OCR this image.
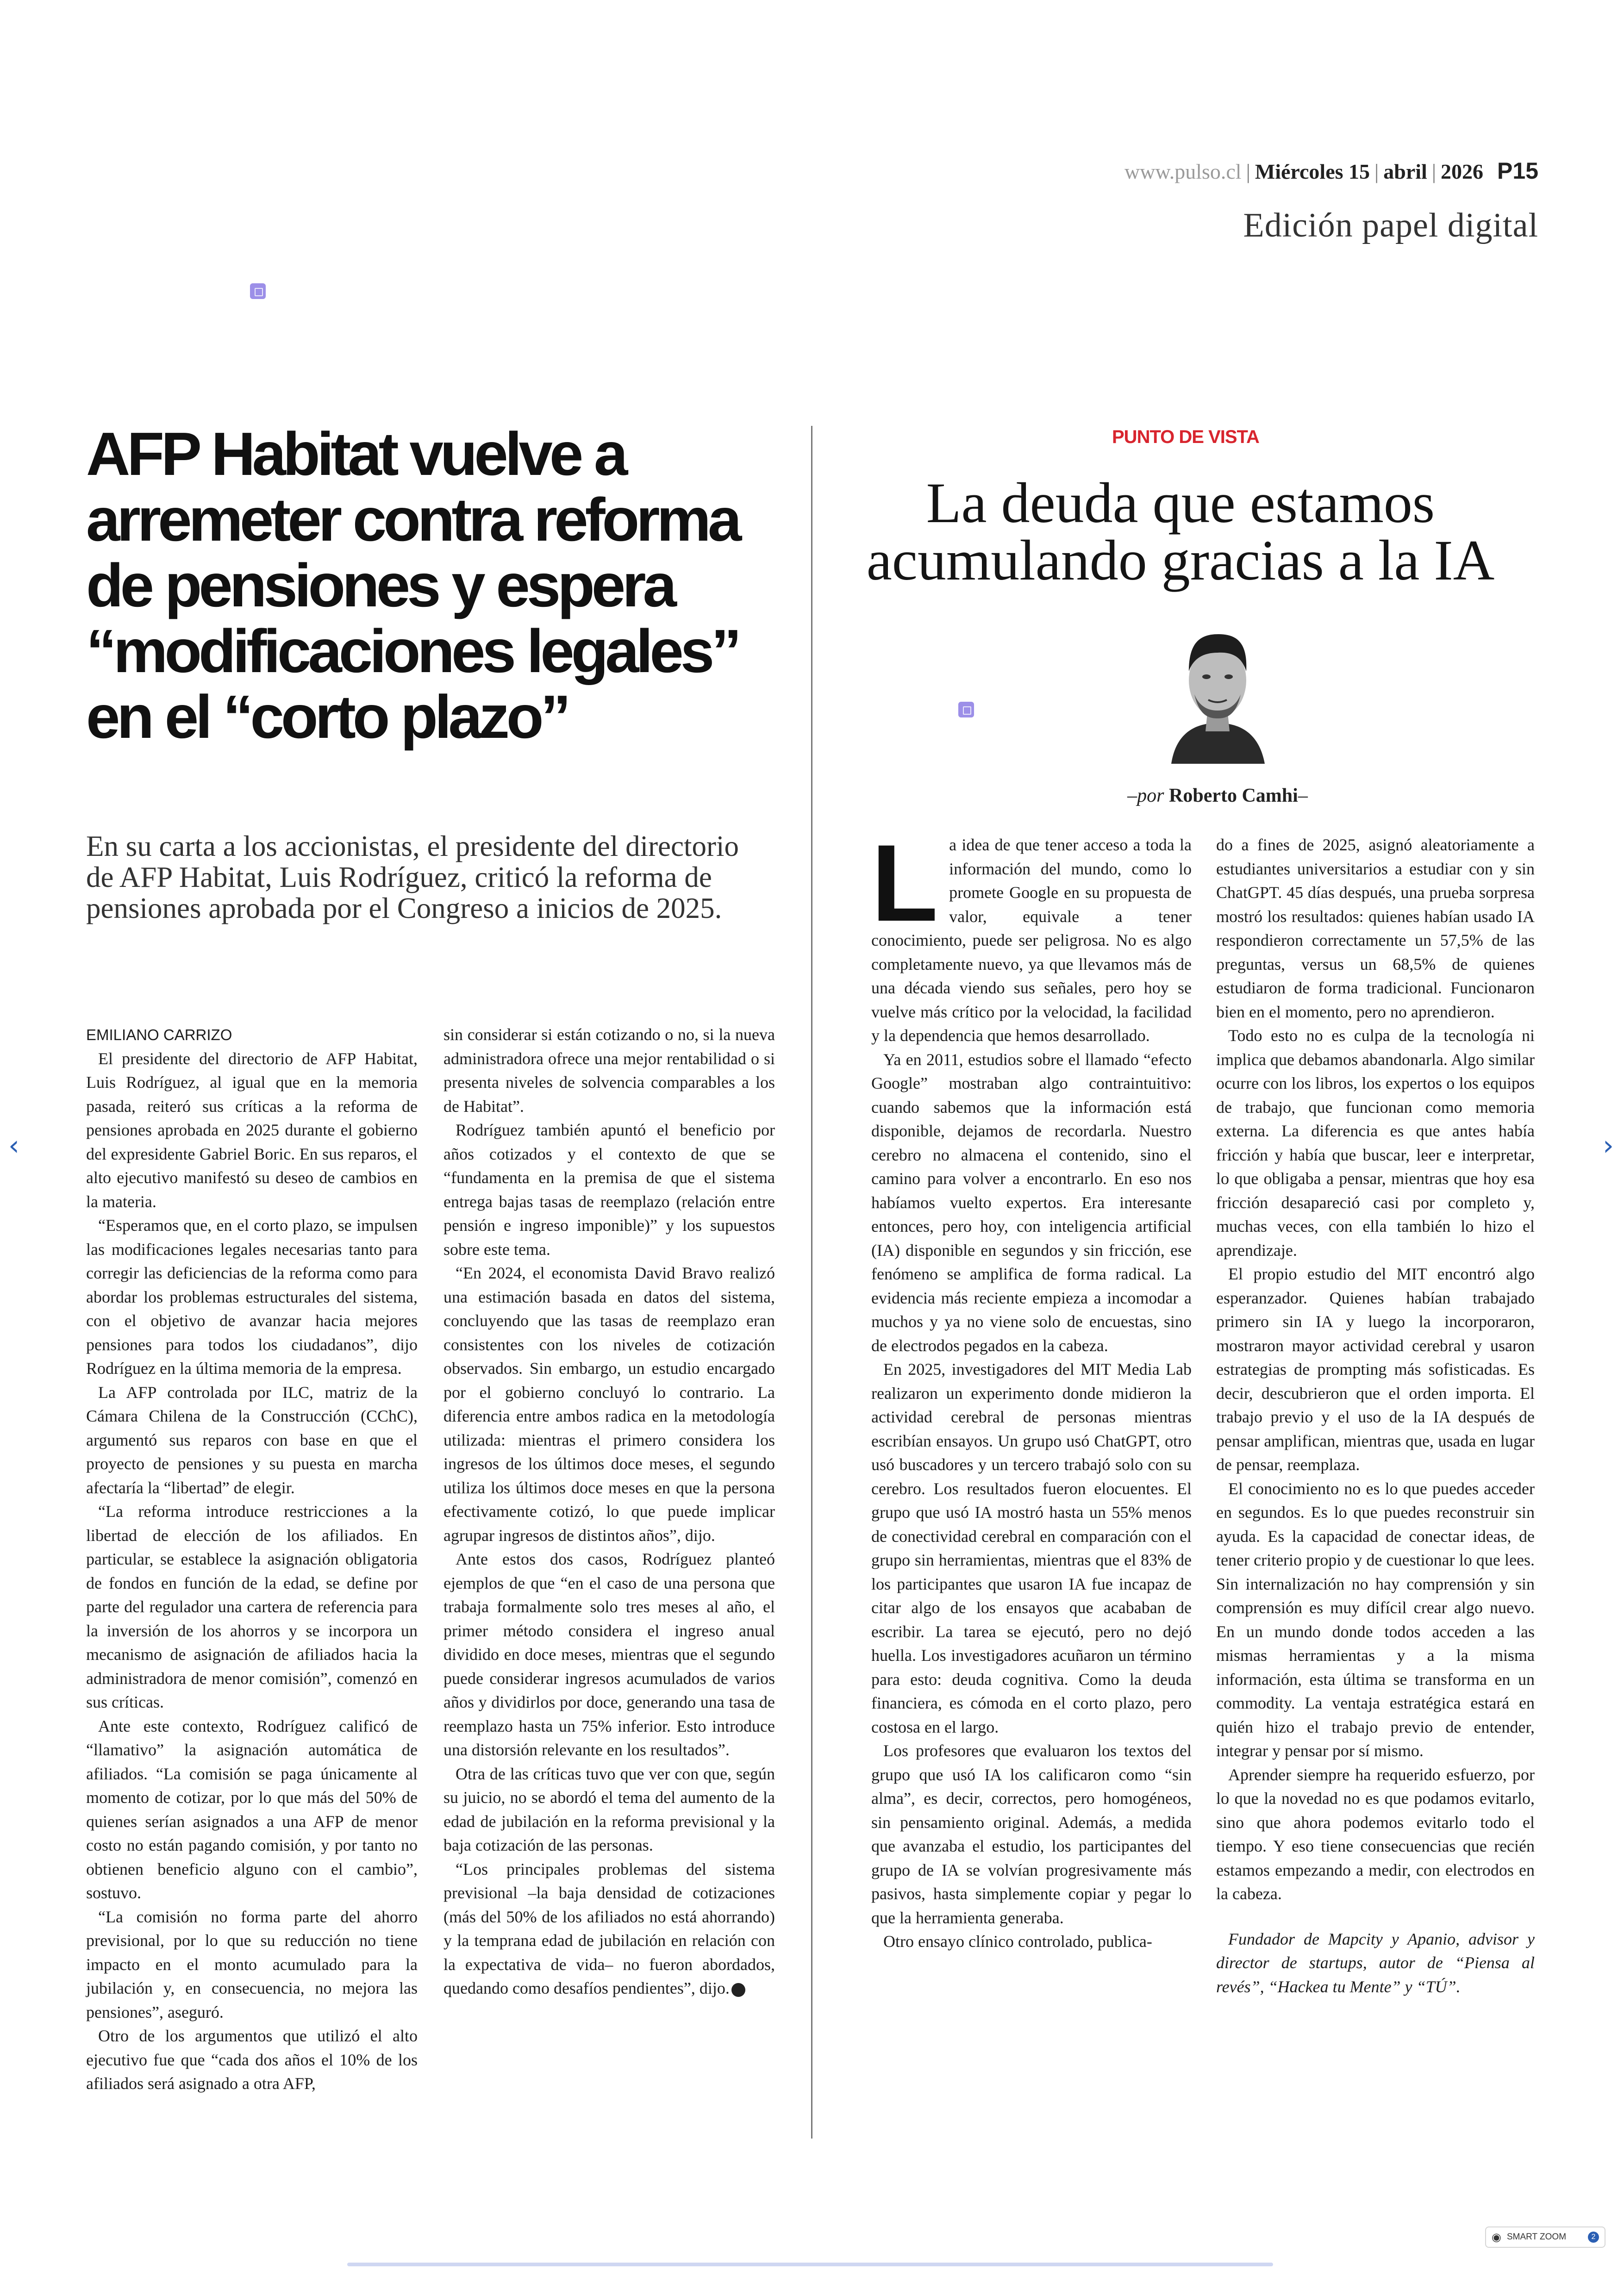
www.pulso.cl | Miércoles 15 | abril | 2026 P15
Edición papel digital
AFP Habitat vuelve a arremeter contra reforma de pensiones y espera “modificaciones legales” en el “corto plazo”
En su carta a los accionistas, el presidente del directorio de AFP Habitat, Luis Rodríguez, criticó la reforma de pensiones aprobada por el Congreso a inicios de 2025.

EMILIANO CARRIZO

El presidente del directorio de AFP Habitat, Luis Rodríguez, al igual que en la memoria pasada, reiteró sus críticas a la reforma de pensiones aprobada en 2025 durante el gobierno del expresidente Gabriel Boric. En sus reparos, el alto ejecutivo manifestó su deseo de cambios en la materia.

“Esperamos que, en el corto plazo, se impulsen las modificaciones legales necesarias tanto para corregir las deficiencias de la reforma como para abordar los problemas estructurales del sistema, con el objetivo de avanzar hacia mejores pensiones para todos los ciudadanos”, dijo Rodríguez en la última memoria de la empresa.

La AFP controlada por ILC, matriz de la Cámara Chilena de la Construcción (CChC), argumentó sus reparos con base en que el proyecto de pensiones y su puesta en marcha afectaría la “libertad” de elegir.

“La reforma introduce restricciones a la libertad de elección de los afiliados. En particular, se establece la asignación obligatoria de fondos en función de la edad, se define por parte del regulador una cartera de referencia para la inversión de los ahorros y se incorpora un mecanismo de asignación de afiliados hacia la administradora de menor comisión”, comenzó en sus críticas.

Ante este contexto, Rodríguez calificó de “llamativo” la asignación automática de afiliados. “La comisión se paga únicamente al momento de cotizar, por lo que más del 50% de quienes serían asignados a una AFP de menor costo no están pagando comisión, y por tanto no obtienen beneficio alguno con el cambio”, sostuvo.

“La comisión no forma parte del ahorro previsional, por lo que su reducción no tiene impacto en el monto acumulado para la jubilación y, en consecuencia, no mejora las pensiones”, aseguró.

Otro de los argumentos que utilizó el alto ejecutivo fue que “cada dos años el 10% de los afiliados será asignado a otra AFP,

sin considerar si están cotizando o no, si la nueva administradora ofrece una mejor rentabilidad o si presenta niveles de solvencia comparables a los de Habitat”.

Rodríguez también apuntó el beneficio por años cotizados y el contexto de que se “fundamenta en la premisa de que el sistema entrega bajas tasas de reemplazo (relación entre pensión e ingreso imponible)” y los supuestos sobre este tema.

“En 2024, el economista David Bravo realizó una estimación basada en datos del sistema, concluyendo que las tasas de reemplazo eran consistentes con los niveles de cotización observados. Sin embargo, un estudio encargado por el gobierno concluyó lo contrario. La diferencia entre ambos radica en la metodología utilizada: mientras el primero considera los ingresos de los últimos doce meses, el segundo utiliza los últimos doce meses en que la persona efectivamente cotizó, lo que puede implicar agrupar ingresos de distintos años”, dijo.

Ante estos dos casos, Rodríguez planteó ejemplos de que “en el caso de una persona que trabaja formalmente solo tres meses al año, el primer método considera el ingreso anual dividido en doce meses, mientras que el segundo puede considerar ingresos acumulados de varios años y dividirlos por doce, generando una tasa de reemplazo hasta un 75% inferior. Esto introduce una distorsión relevante en los resultados”.

Otra de las críticas tuvo que ver con que, según su juicio, no se abordó el tema del aumento de la edad de jubilación en la reforma previsional y la baja cotización de las personas.

“Los principales problemas del sistema previsional –la baja densidad de cotizaciones (más del 50% de los afiliados no está ahorrando) y la temprana edad de jubilación en relación con la expectativa de vida– no fueron abordados, quedando como desafíos pendientes”, dijo.

PUNTO DE VISTA
La deuda que estamos acumulando gracias a la IA
–por Roberto Camhi–

La idea de que tener acceso a toda la información del mundo, como lo promete Google en su propuesta de valor, equivale a tener conocimiento, puede ser peligrosa. No es algo completamente nuevo, ya que llevamos más de una década viendo sus señales, pero hoy se vuelve más crítico por la velocidad, la facilidad y la dependencia que hemos desarrollado.

Ya en 2011, estudios sobre el llamado “efecto Google” mostraban algo contraintuitivo: cuando sabemos que la información está disponible, dejamos de recordarla. Nuestro cerebro no almacena el contenido, sino el camino para volver a encontrarlo. En eso nos habíamos vuelto expertos. Era interesante entonces, pero hoy, con inteligencia artificial (IA) disponible en segundos y sin fricción, ese fenómeno se amplifica de forma radical. La evidencia más reciente empieza a incomodar a muchos y ya no viene solo de encuestas, sino de electrodos pegados en la cabeza.

En 2025, investigadores del MIT Media Lab realizaron un experimento donde midieron la actividad cerebral de personas mientras escribían ensayos. Un grupo usó ChatGPT, otro usó buscadores y un tercero trabajó solo con su cerebro. Los resultados fueron elocuentes. El grupo que usó IA mostró hasta un 55% menos de conectividad cerebral en comparación con el grupo sin herramientas, mientras que el 83% de los participantes que usaron IA fue incapaz de citar algo de los ensayos que acababan de escribir. La tarea se ejecutó, pero no dejó huella. Los investigadores acuñaron un término para esto: deuda cognitiva. Como la deuda financiera, es cómoda en el corto plazo, pero costosa en el largo.

Los profesores que evaluaron los textos del grupo que usó IA los calificaron como “sin alma”, es decir, correctos, pero homogéneos, sin pensamiento original. Además, a medida que avanzaba el estudio, los participantes del grupo de IA se volvían progresivamente más pasivos, hasta simplemente copiar y pegar lo que la herramienta generaba.

Otro ensayo clínico controlado, publica-

do a fines de 2025, asignó aleatoriamente a estudiantes universitarios a estudiar con y sin ChatGPT. 45 días después, una prueba sorpresa mostró los resultados: quienes habían usado IA respondieron correctamente un 57,5% de las preguntas, versus un 68,5% de quienes estudiaron de forma tradicional. Funcionaron bien en el momento, pero no aprendieron.

Todo esto no es culpa de la tecnología ni implica que debamos abandonarla. Algo similar ocurre con los libros, los expertos o los equipos de trabajo, que funcionan como memoria externa. La diferencia es que antes había fricción y había que buscar, leer e interpretar, lo que obligaba a pensar, mientras que hoy esa fricción desapareció casi por completo y, muchas veces, con ella también lo hizo el aprendizaje.

El propio estudio del MIT encontró algo esperanzador. Quienes habían trabajado primero sin IA y luego la incorporaron, mostraron mayor actividad cerebral y usaron estrategias de prompting más sofisticadas. Es decir, descubrieron que el orden importa. El trabajo previo y el uso de la IA después de pensar amplifican, mientras que, usada en lugar de pensar, reemplaza.

El conocimiento no es lo que puedes acceder en segundos. Es lo que puedes reconstruir sin ayuda. Es la capacidad de conectar ideas, de tener criterio propio y de cuestionar lo que lees. Sin internalización no hay comprensión y sin comprensión es muy difícil crear algo nuevo. En un mundo donde todos acceden a las mismas herramientas y a la misma información, esta última se transforma en un commodity. La ventaja estratégica estará en quién hizo el trabajo previo de entender, integrar y pensar por sí mismo.

Aprender siempre ha requerido esfuerzo, por lo que la novedad no es que podamos evitarlo, sino que ahora podemos evitarlo todo el tiempo. Y eso tiene consecuencias que recién estamos empezando a medir, con electrodos en la cabeza.

Fundador de Mapcity y Apanio, advisor y director de startups, autor de “Piensa al revés”, “Hackea tu Mente” y “TÚ”.

‹	›
◉ SMART ZOOM	2
